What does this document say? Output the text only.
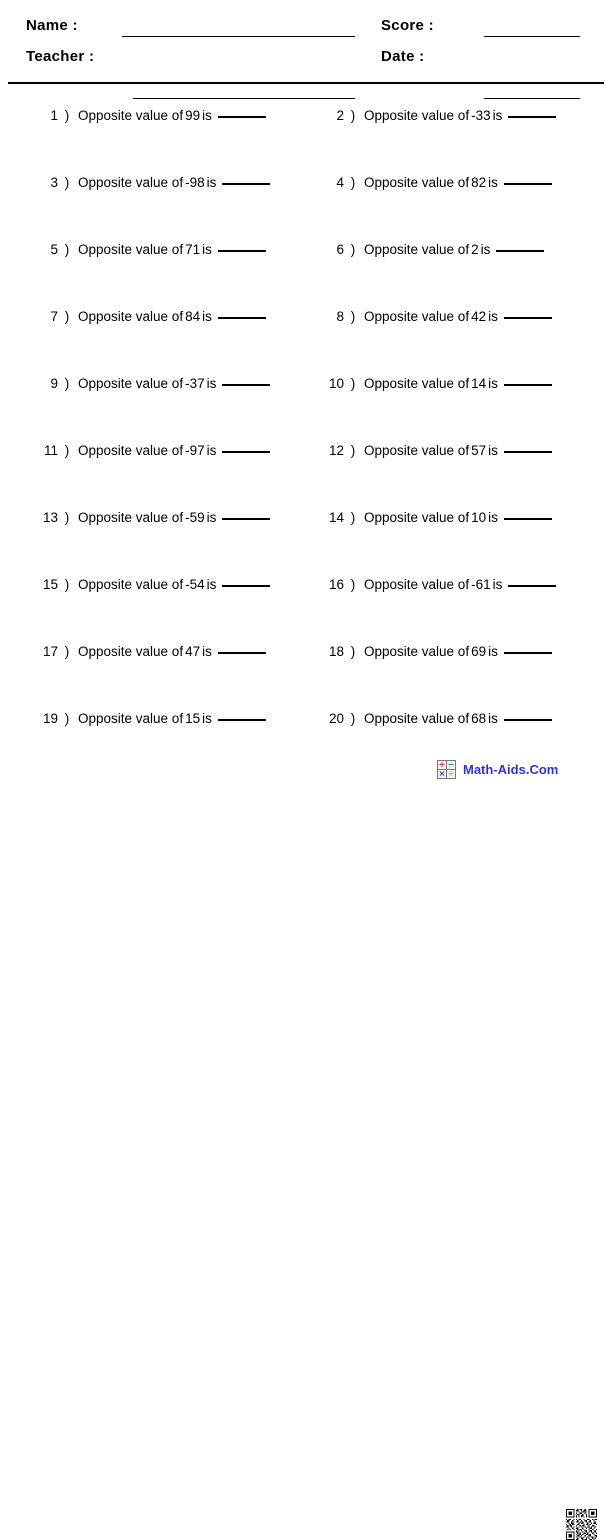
Name :	Score :
Teacher :	Date :
1 ) Opposite value of 99 is	2 ) Opposite value of -33 is
3 ) Opposite value of -98 is	4 ) Opposite value of 82 is
5 ) Opposite value of 71 is	6 ) Opposite value of 2 is
7 ) Opposite value of 84 is	8 ) Opposite value of 42 is
9 ) Opposite value of -37 is	10 ) Opposite value of 14 is
11 ) Opposite value of -97 is	12 ) Opposite value of 57 is
13 ) Opposite value of -59 is	14 ) Opposite value of 10 is
15 ) Opposite value of -54 is	16 ) Opposite value of -61 is
17 ) Opposite value of 47 is	18 ) Opposite value of 69 is
19 ) Opposite value of 15 is	20 ) Opposite value of 68 is
+ −
× ÷ Math-Aids.Com
